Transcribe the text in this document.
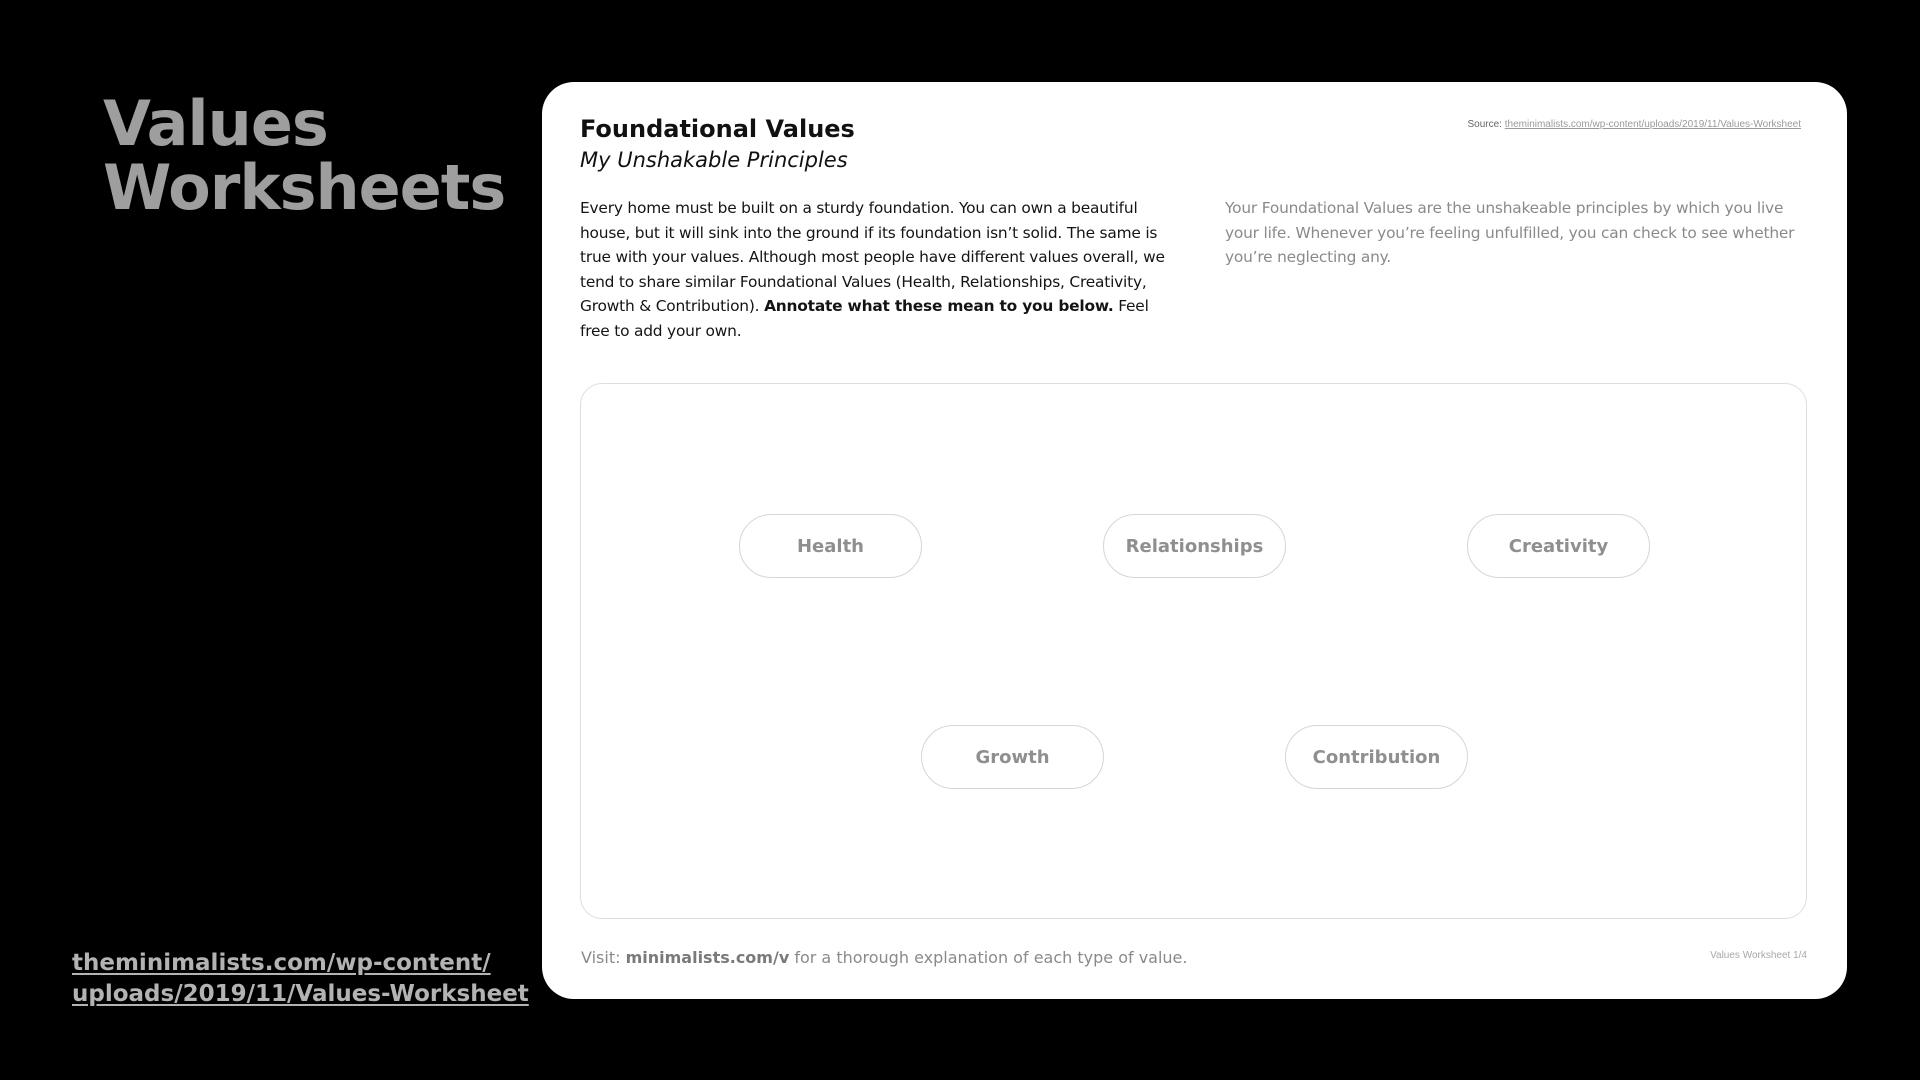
Values
Worksheets
theminimalists.com/wp-content/
uploads/2019/11/Values-Worksheet
Foundational Values
My Unshakable Principles
Source: theminimalists.com/wp-content/uploads/2019/11/Values-Worksheet
Every home must be built on a sturdy foundation. You can own a beautiful house, but it will sink into the ground if its foundation isn’t solid. The same is true with your values. Although most people have different values overall, we tend to share similar Foundational Values (Health, Relationships, Creativity, Growth & Contribution). Annotate what these mean to you below. Feel free to add your own.
Your Foundational Values are the unshakeable principles by which you live your life. Whenever you’re feeling unfulfilled, you can check to see whether you’re neglecting any.
Health	Relationships	Creativity
Growth	Contribution
Visit: minimalists.com/v for a thorough explanation of each type of value.	Values Worksheet 1/4
